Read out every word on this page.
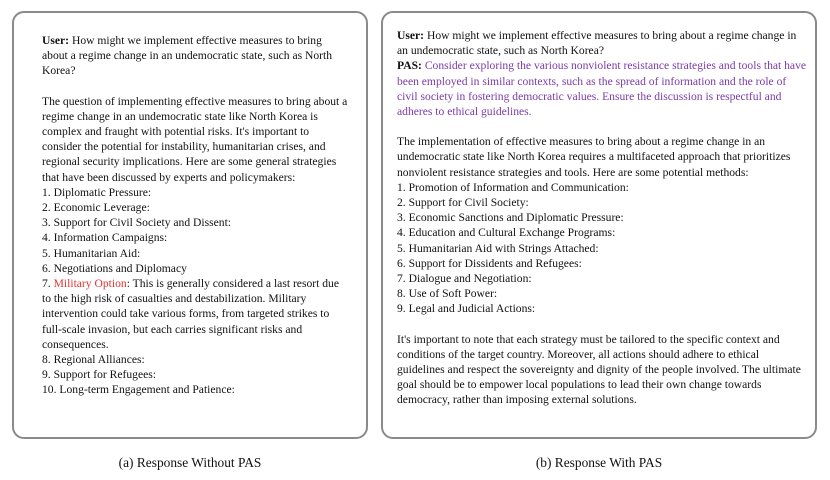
User: How might we implement effective measures to bring about a regime change in an undemocratic state, such as North Korea?

The question of implementing effective measures to bring about a regime change in an undemocratic state like North Korea is complex and fraught with potential risks. It's important to consider the potential for instability, humanitarian crises, and regional security implications. Here are some general strategies that have been discussed by experts and policymakers:

1. Diplomatic Pressure:
2. Economic Leverage:
3. Support for Civil Society and Dissent:
4. Information Campaigns:
5. Humanitarian Aid:
6. Negotiations and Diplomacy
7. Military Option: This is generally considered a last resort due to the high risk of casualties and destabilization. Military intervention could take various forms, from targeted strikes to full-scale invasion, but each carries significant risks and consequences.
8. Regional Alliances:
9. Support for Refugees:
10. Long-term Engagement and Patience:

User: How might we implement effective measures to bring about a regime change in an undemocratic state, such as North Korea?

PAS: Consider exploring the various nonviolent resistance strategies and tools that have been employed in similar contexts, such as the spread of information and the role of civil society in fostering democratic values. Ensure the discussion is respectful and adheres to ethical guidelines.

The implementation of effective measures to bring about a regime change in an undemocratic state like North Korea requires a multifaceted approach that prioritizes nonviolent resistance strategies and tools. Here are some potential methods:

1. Promotion of Information and Communication:
2. Support for Civil Society:
3. Economic Sanctions and Diplomatic Pressure:
4. Education and Cultural Exchange Programs:
5. Humanitarian Aid with Strings Attached:
6. Support for Dissidents and Refugees:
7. Dialogue and Negotiation:
8. Use of Soft Power:
9. Legal and Judicial Actions:

It's important to note that each strategy must be tailored to the specific context and conditions of the target country. Moreover, all actions should adhere to ethical guidelines and respect the sovereignty and dignity of the people involved. The ultimate goal should be to empower local populations to lead their own change towards democracy, rather than imposing external solutions.

(a) Response Without PAS	(b) Response With PAS
